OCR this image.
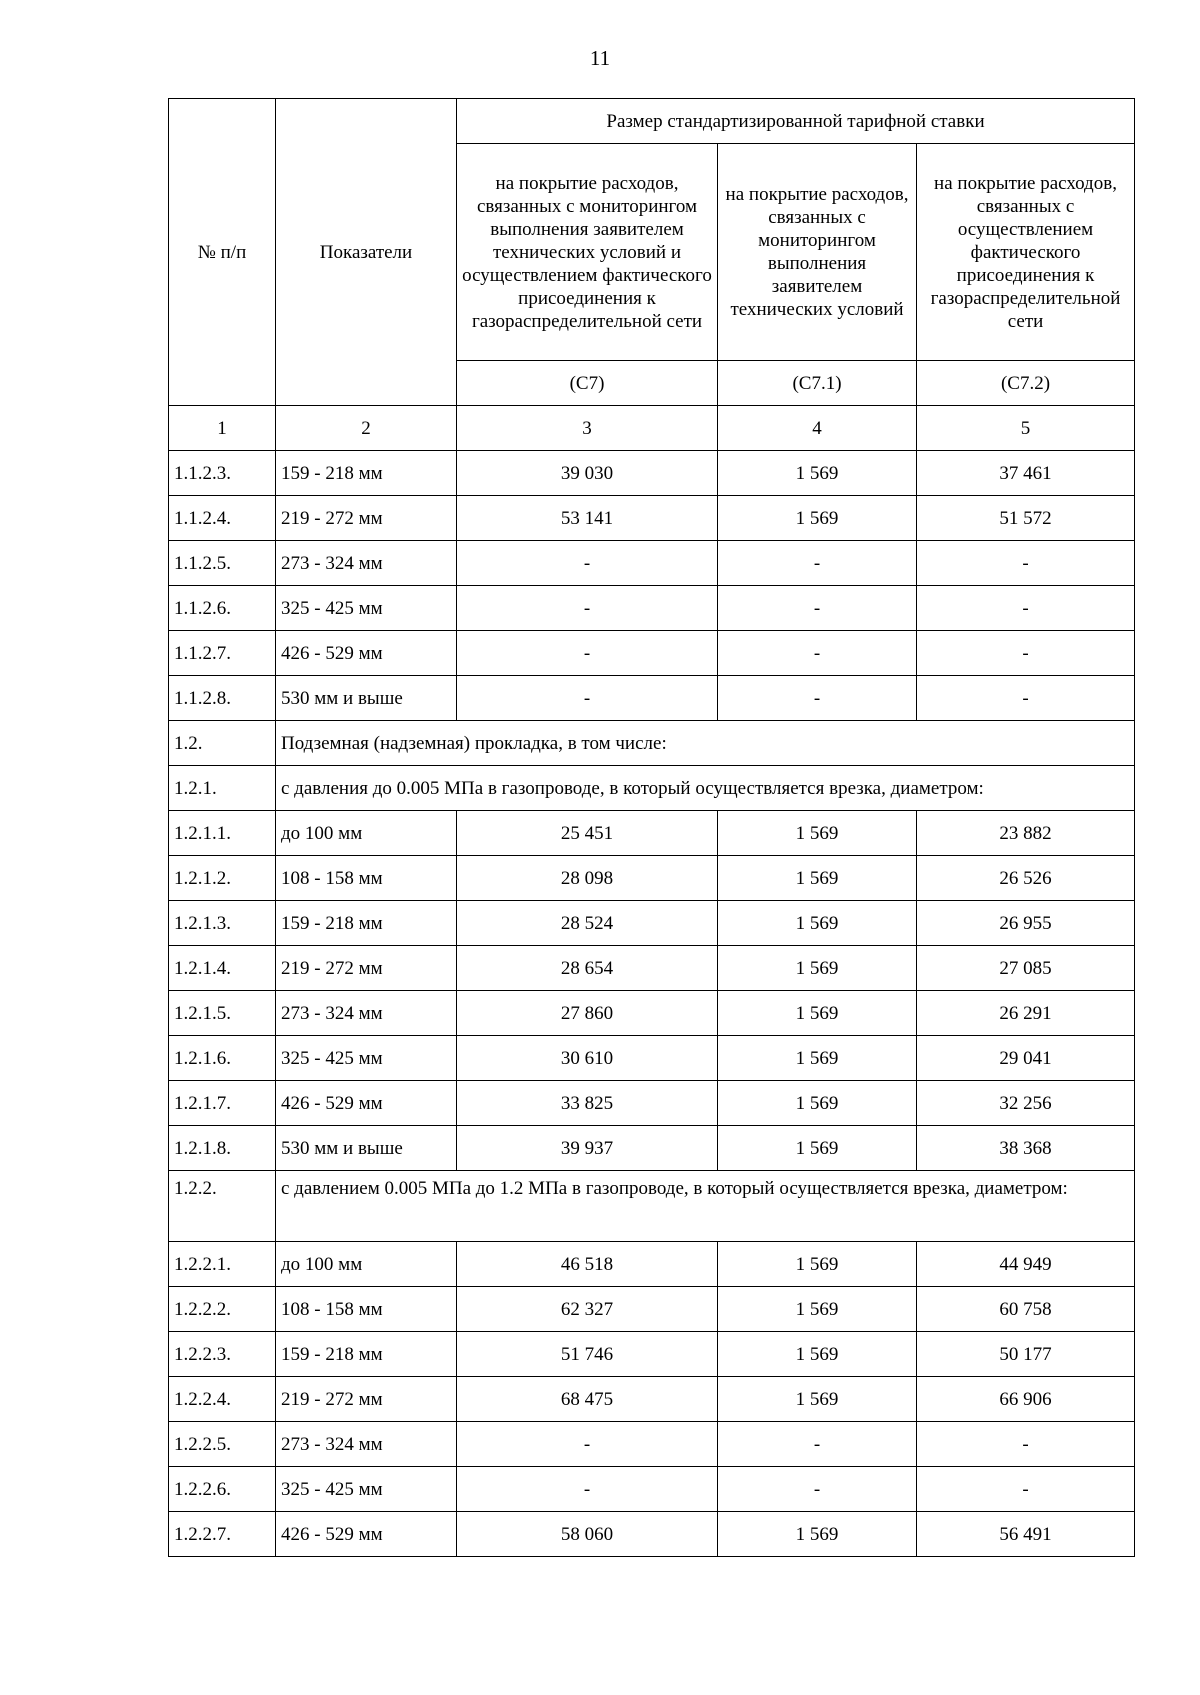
11
№ п/п	Показатели	Размер стандартизированной тарифной ставки		
		на покрытие расходов, связанных с мониторингом выполнения заявителем технических условий и осуществлением фактического присоединения к газораспределительной сети	на покрытие расходов, связанных с мониторингом выполнения заявителем технических условий	на покрытие расходов, связанных с осуществлением фактического присоединения к газораспределительной сети
		(С7)	(С7.1)	(С7.2)
1	2	3	4	5
1.1.2.3.	159 - 218 мм	39 030	1 569	37 461
1.1.2.4.	219 - 272 мм	53 141	1 569	51 572
1.1.2.5.	273 - 324 мм	-	-	-
1.1.2.6.	325 - 425 мм	-	-	-
1.1.2.7.	426 - 529 мм	-	-	-
1.1.2.8.	530 мм и выше	-	-	-
1.2.	Подземная (надземная) прокладка, в том числе:			
1.2.1.	с давления до 0.005 МПа в газопроводе, в который осуществляется врезка, диаметром:			
1.2.1.1.	до 100 мм	25 451	1 569	23 882
1.2.1.2.	108 - 158 мм	28 098	1 569	26 526
1.2.1.3.	159 - 218 мм	28 524	1 569	26 955
1.2.1.4.	219 - 272 мм	28 654	1 569	27 085
1.2.1.5.	273 - 324 мм	27 860	1 569	26 291
1.2.1.6.	325 - 425 мм	30 610	1 569	29 041
1.2.1.7.	426 - 529 мм	33 825	1 569	32 256
1.2.1.8.	530 мм и выше	39 937	1 569	38 368
1.2.2.	с давлением 0.005 МПа до 1.2 МПа в газопроводе, в который осуществляется врезка, диаметром:			
1.2.2.1.	до 100 мм	46 518	1 569	44 949
1.2.2.2.	108 - 158 мм	62 327	1 569	60 758
1.2.2.3.	159 - 218 мм	51 746	1 569	50 177
1.2.2.4.	219 - 272 мм	68 475	1 569	66 906
1.2.2.5.	273 - 324 мм	-	-	-
1.2.2.6.	325 - 425 мм	-	-	-
1.2.2.7.	426 - 529 мм	58 060	1 569	56 491
